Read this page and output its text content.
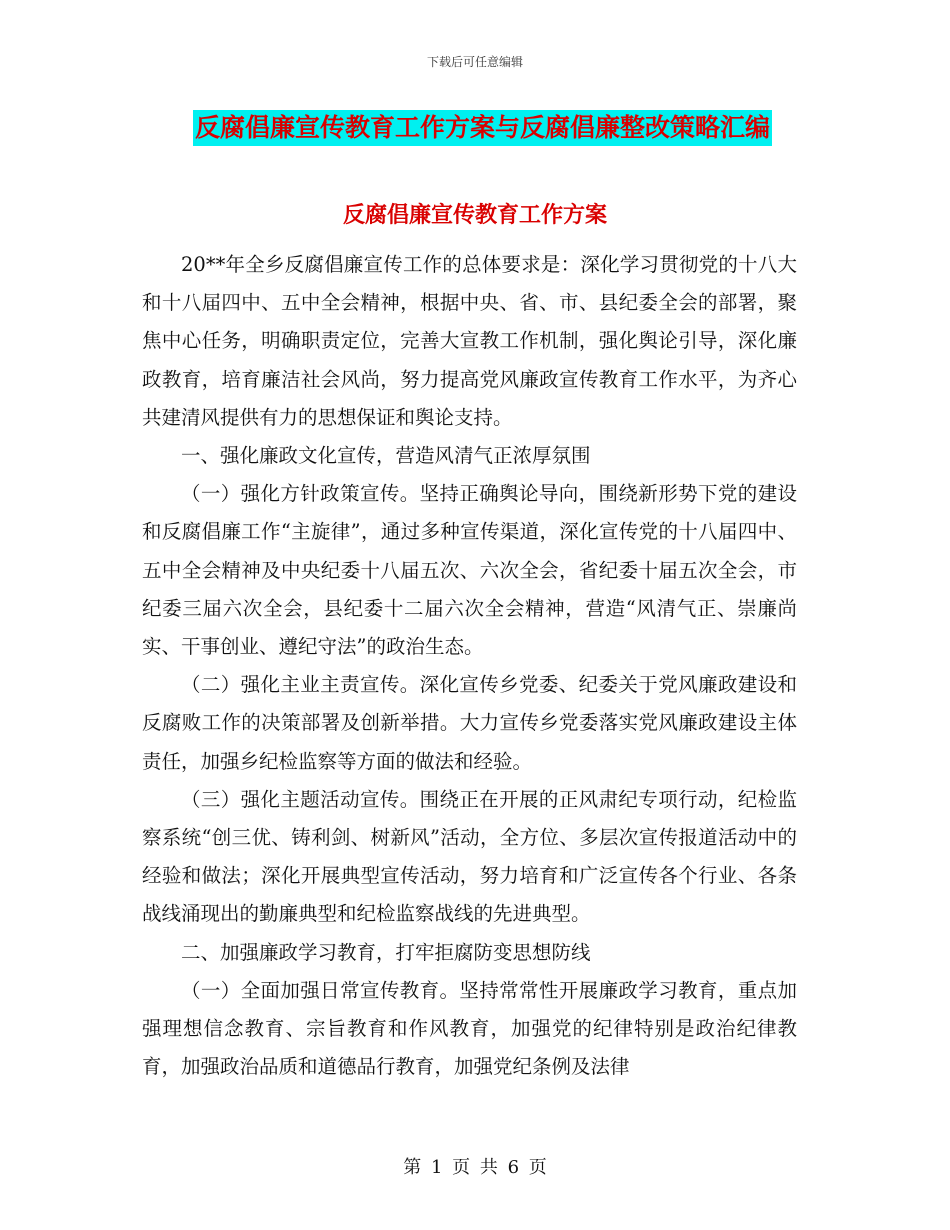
下载后可任意编辑
反腐倡廉宣传教育工作方案与反腐倡廉整改策略汇编
反腐倡廉宣传教育工作方案

20**年全乡反腐倡廉宣传工作的总体要求是：深化学习贯彻党的十八大和十八届四中、五中全会精神，根据中央、省、市、县纪委全会的部署，聚焦中心任务，明确职责定位，完善大宣教工作机制，强化舆论引导，深化廉政教育，培育廉洁社会风尚，努力提高党风廉政宣传教育工作水平，为齐心共建清风提供有力的思想保证和舆论支持。

一、强化廉政文化宣传，营造风清气正浓厚氛围

（一）强化方针政策宣传。坚持正确舆论导向，围绕新形势下党的建设和反腐倡廉工作“主旋律”，通过多种宣传渠道，深化宣传党的十八届四中、五中全会精神及中央纪委十八届五次、六次全会，省纪委十届五次全会，市纪委三届六次全会，县纪委十二届六次全会精神，营造“风清气正、崇廉尚实、干事创业、遵纪守法”的政治生态。

（二）强化主业主责宣传。深化宣传乡党委、纪委关于党风廉政建设和反腐败工作的决策部署及创新举措。大力宣传乡党委落实党风廉政建设主体责任，加强乡纪检监察等方面的做法和经验。

（三）强化主题活动宣传。围绕正在开展的正风肃纪专项行动，纪检监察系统“创三优、铸利剑、树新风”活动，全方位、多层次宣传报道活动中的经验和做法；深化开展典型宣传活动，努力培育和广泛宣传各个行业、各条战线涌现出的勤廉典型和纪检监察战线的先进典型。

二、加强廉政学习教育，打牢拒腐防变思想防线

（一）全面加强日常宣传教育。坚持常常性开展廉政学习教育，重点加强理想信念教育、宗旨教育和作风教育，加强党的纪律特别是政治纪律教育，加强政治品质和道德品行教育，加强党纪条例及法律

第 1 页 共 6 页
